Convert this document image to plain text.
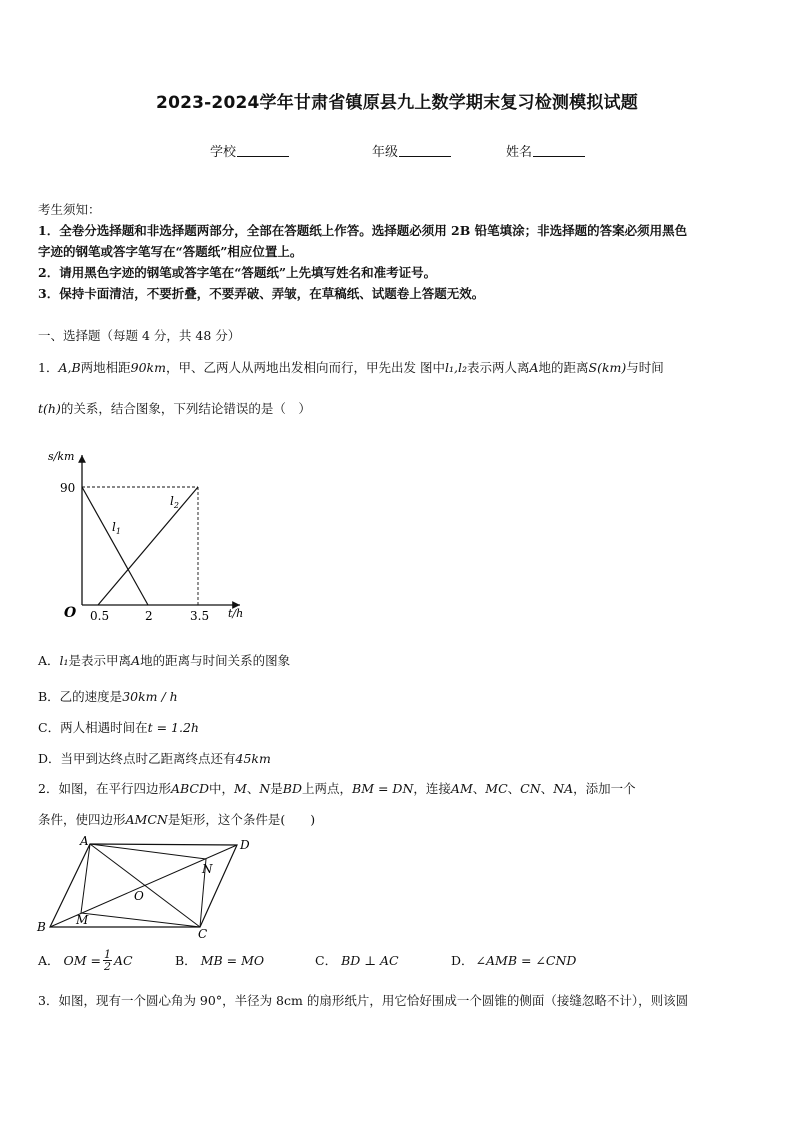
2023-2024学年甘肃省镇原县九上数学期末复习检测模拟试题
学校	年级	姓名
考生须知：
1．全卷分选择题和非选择题两部分，全部在答题纸上作答。选择题必须用 2B 铅笔填涂；非选择题的答案必须用黑色
字迹的钢笔或答字笔写在“答题纸”相应位置上。
2．请用黑色字迹的钢笔或答字笔在“答题纸”上先填写姓名和准考证号。
3．保持卡面清洁，不要折叠，不要弄破、弄皱，在草稿纸、试题卷上答题无效。
一、选择题（每题 4 分，共 48 分）
1．A,B两地相距90km，甲、乙两人从两地出发相向而行，甲先出发 图中l₁,l₂表示两人离A地的距离S(km)与时间
t(h)的关系，结合图象，下列结论错误的是（　）
s/km
t/h
O
90
0.5	2	3.5
$l_1$
$l_2$
A．l₁是表示甲离A地的距离与时间关系的图象
B．乙的速度是30km / h
C．两人相遇时间在t = 1.2h
D．当甲到达终点时乙距离终点还有45km
2．如图，在平行四边形ABCD中，M、N是BD上两点，BM = DN，连接AM、MC、CN、NA，添加一个
条件，使四边形AMCN是矩形，这个条件是(　　)
A	D
C
B	M
N
O
A． OM = $\frac{1}{2}$ AC	B． MB = MO	C． BD ⊥ AC	D． ∠AMB = ∠CND
3．如图，现有一个圆心角为 90°，半径为 8cm 的扇形纸片，用它恰好围成一个圆锥的侧面（接缝忽略不计），则该圆
